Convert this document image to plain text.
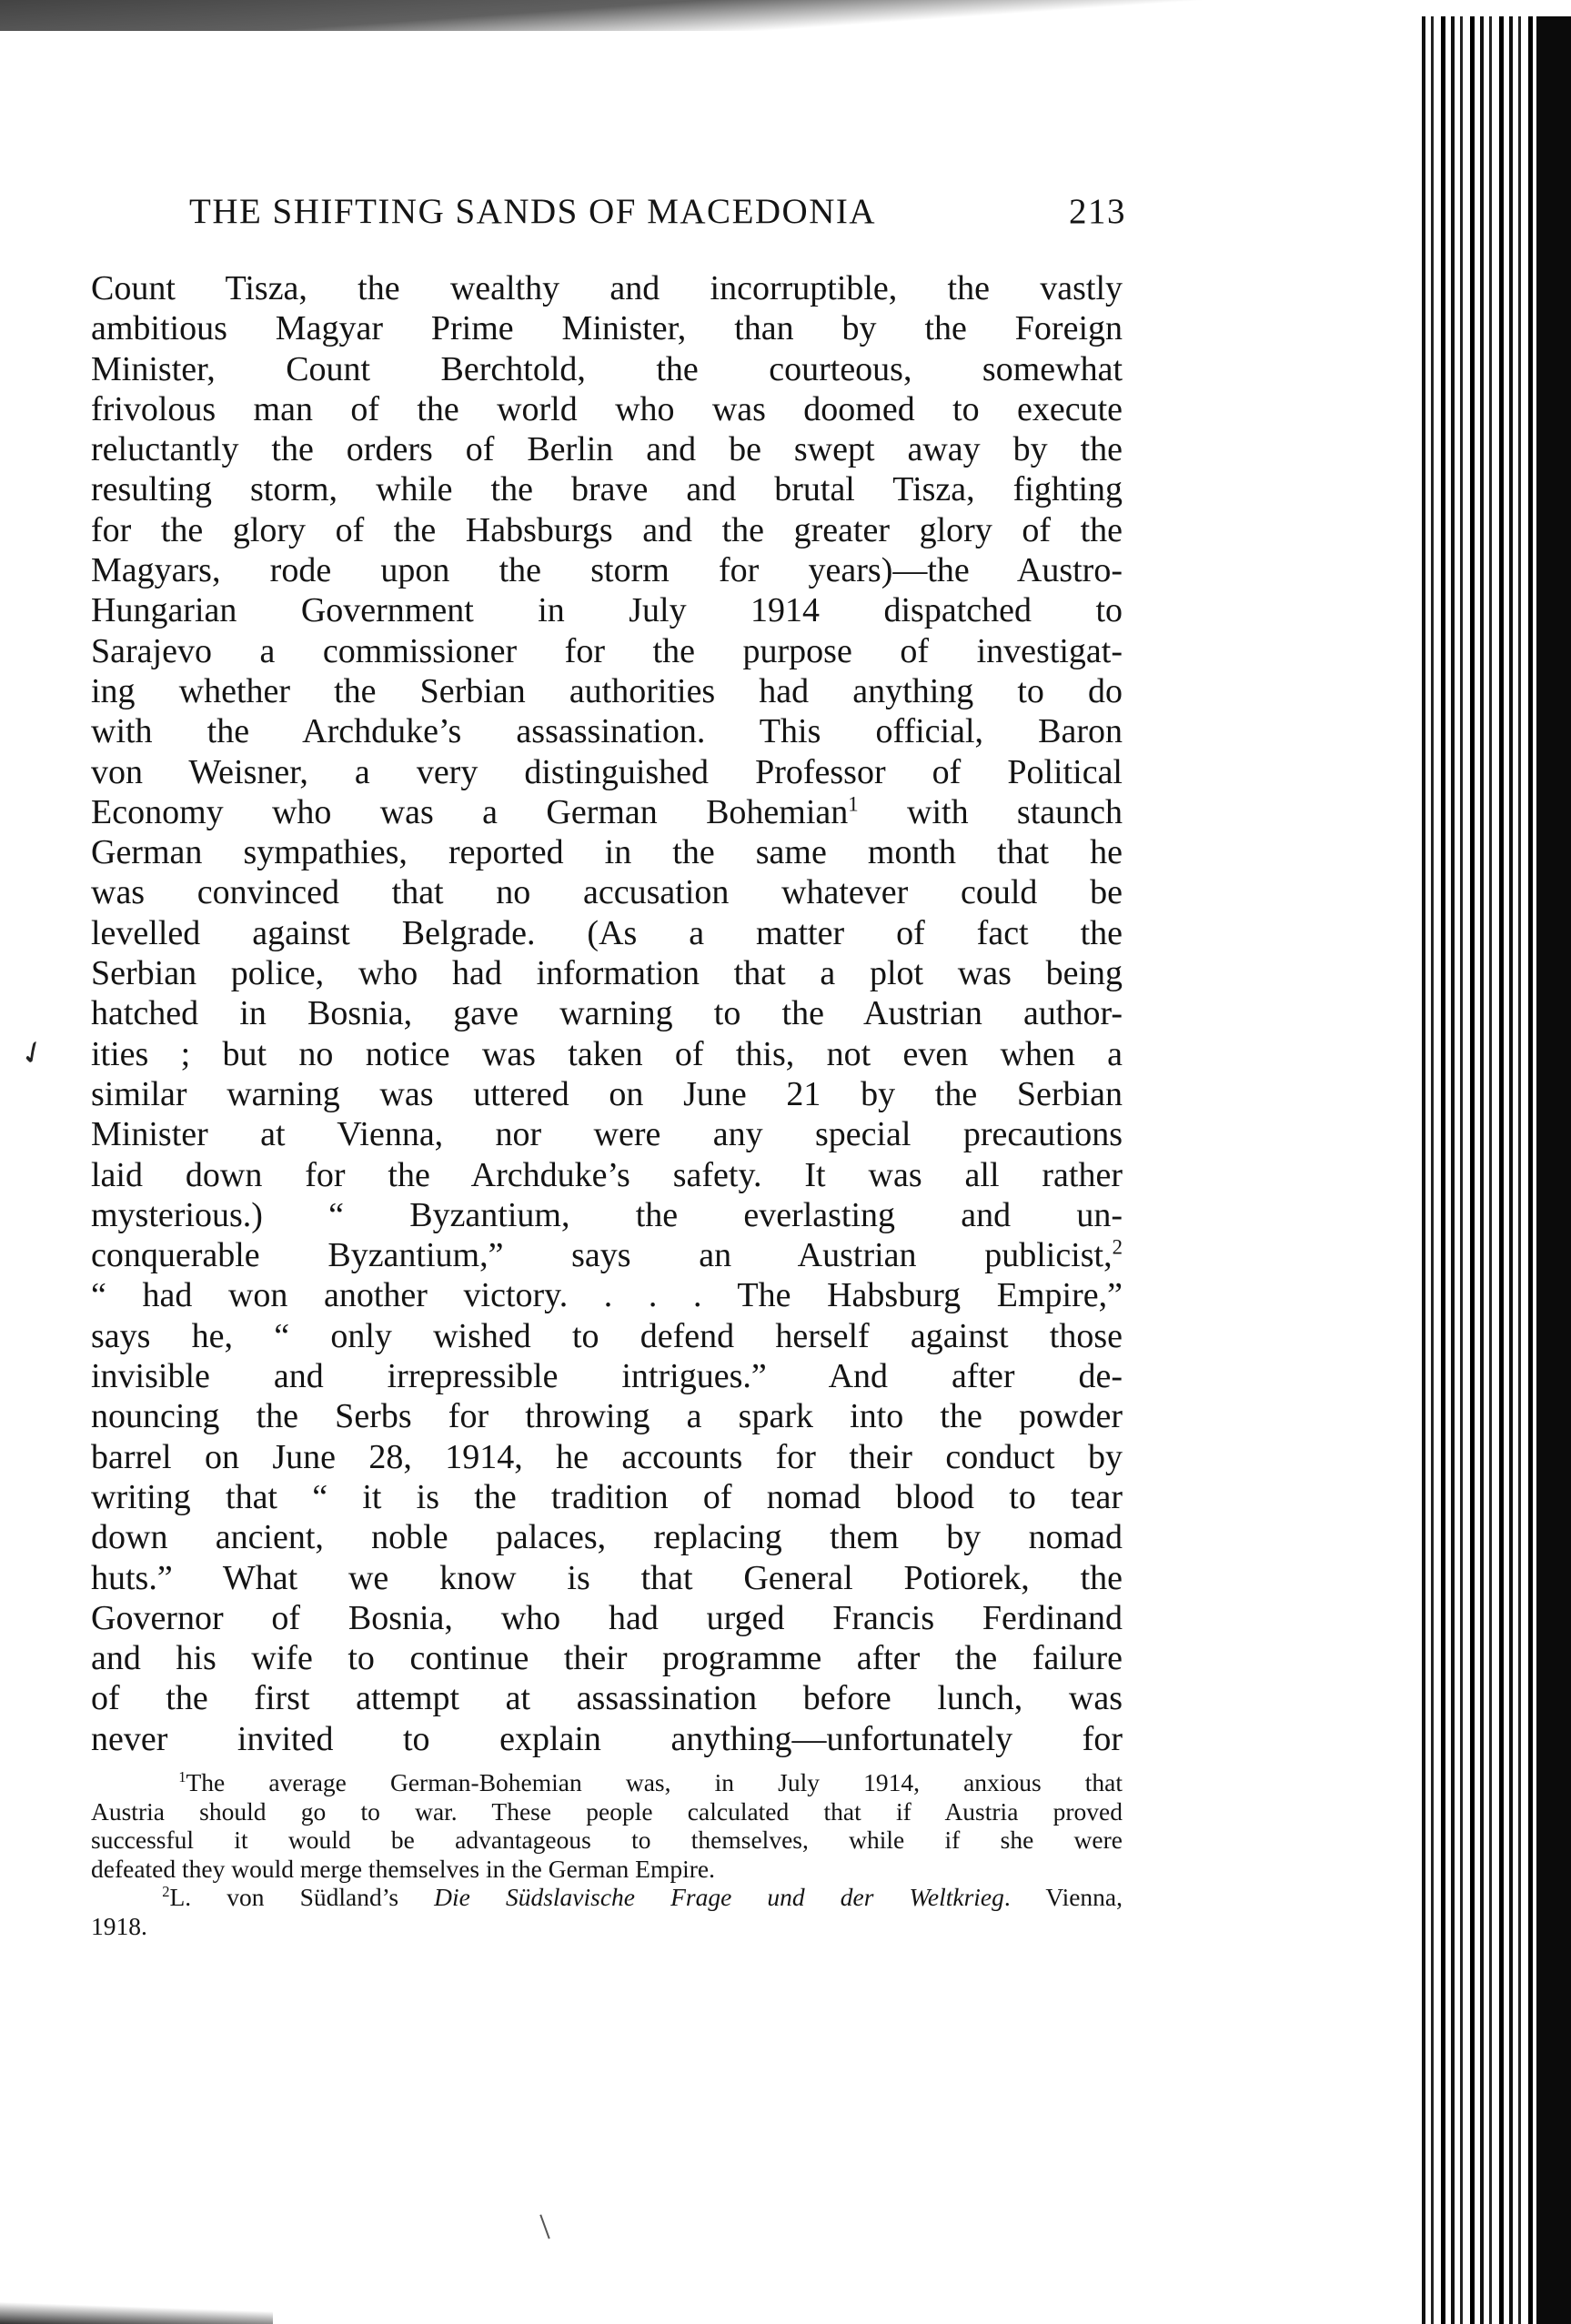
✓
THE SHIFTING SANDS OF MACEDONIA	213
Count Tisza, the wealthy and incorruptible, the vastly
ambitious Magyar Prime Minister, than by the Foreign
Minister, Count Berchtold, the courteous, somewhat
frivolous man of the world who was doomed to execute
reluctantly the orders of Berlin and be swept away by the
resulting storm, while the brave and brutal Tisza, fighting
for the glory of the Habsburgs and the greater glory of the
Magyars, rode upon the storm for years)—the Austro-
Hungarian Government in July 1914 dispatched to
Sarajevo a commissioner for the purpose of investigat-
ing whether the Serbian authorities had anything to do
with the Archduke’s assassination. This official, Baron
von Weisner, a very distinguished Professor of Political
Economy who was a German Bohemian$^1$ with staunch
German sympathies, reported in the same month that he
was convinced that no accusation whatever could be
levelled against Belgrade. (As a matter of fact the
Serbian police, who had information that a plot was being
hatched in Bosnia, gave warning to the Austrian author-
ities ; but no notice was taken of this, not even when a
similar warning was uttered on June 21 by the Serbian
Minister at Vienna, nor were any special precautions
laid down for the Archduke’s safety. It was all rather
mysterious.) “ Byzantium, the everlasting and un-
conquerable Byzantium,” says an Austrian publicist,$^2$
“ had won another victory. . . . The Habsburg Empire,”
says he, “ only wished to defend herself against those
invisible and irrepressible intrigues.” And after de-
nouncing the Serbs for throwing a spark into the powder
barrel on June 28, 1914, he accounts for their conduct by
writing that “ it is the tradition of nomad blood to tear
down ancient, noble palaces, replacing them by nomad
huts.” What we know is that General Potiorek, the
Governor of Bosnia, who had urged Francis Ferdinand
and his wife to continue their programme after the failure
of the first attempt at assassination before lunch, was
never invited to explain anything—unfortunately for
$^1$The average German-Bohemian was, in July 1914, anxious that
Austria should go to war. These people calculated that if Austria proved
successful it would be advantageous to themselves, while if she were
defeated they would merge themselves in the German Empire.
$^2$L. von Südland’s Die Südslavische Frage und der Weltkrieg. Vienna,
1918.
